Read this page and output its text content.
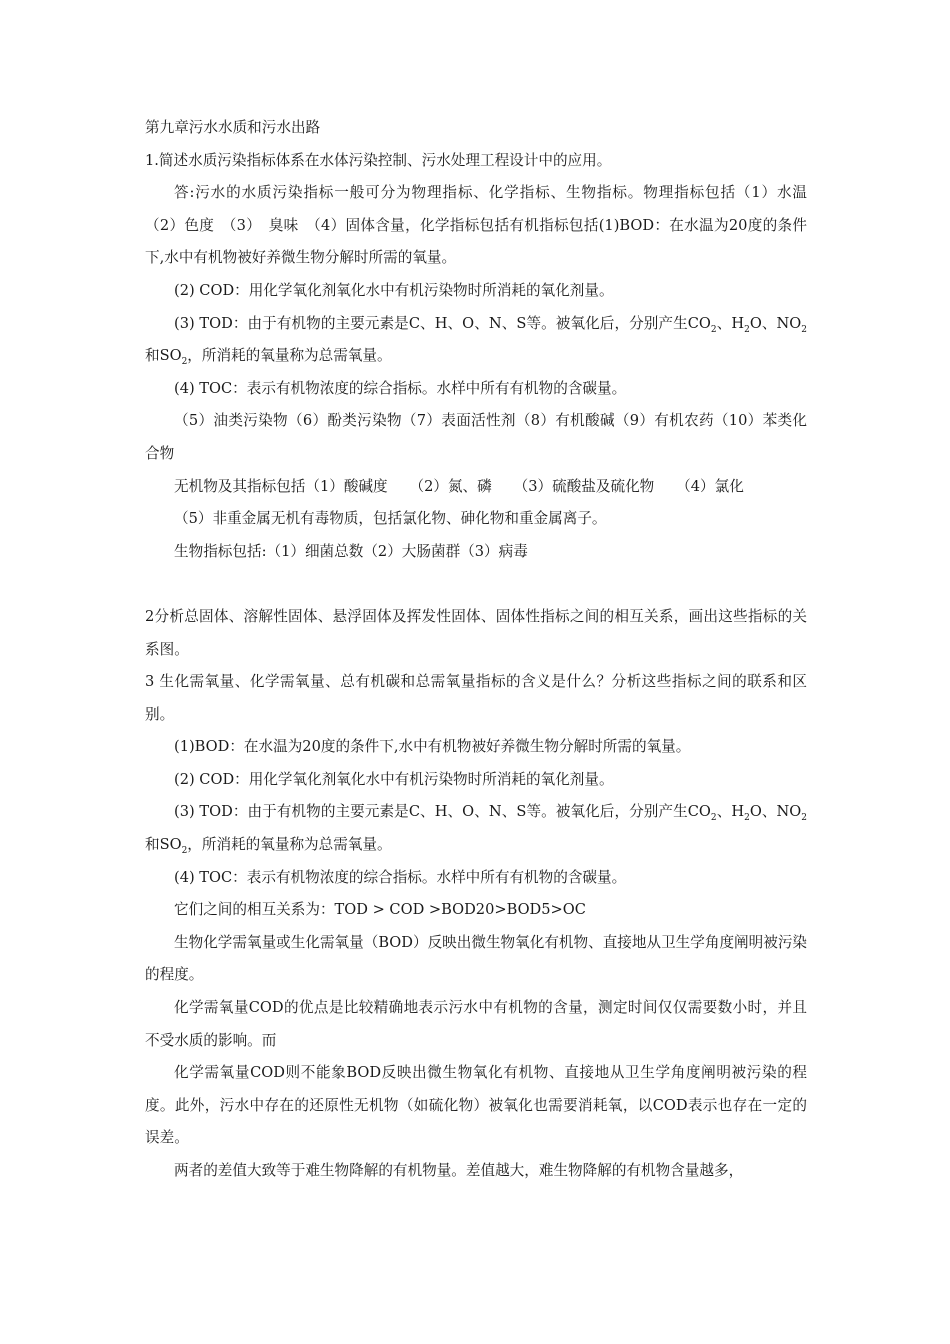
第九章污水水质和污水出路

1.简述水质污染指标体系在水体污染控制、污水处理工程设计中的应用。

答:污水的水质污染指标一般可分为物理指标、化学指标、生物指标。物理指标包括（1）水温　（2）色度　（3）　臭味　（4）固体含量，化学指标包括有机指标包括(1)BOD：在水温为20度的条件下,水中有机物被好养微生物分解时所需的氧量。

(2) COD：用化学氧化剂氧化水中有机污染物时所消耗的氧化剂量。

(3) TOD：由于有机物的主要元素是C、H、O、N、S等。被氧化后，分别产生$CO_2$、$H_2O$、$NO_2$和$SO_2$，所消耗的氧量称为总需氧量。

(4) TOC：表示有机物浓度的综合指标。水样中所有有机物的含碳量。

（5）油类污染物（6）酚类污染物（7）表面活性剂（8）有机酸碱（9）有机农药（10）苯类化合物

无机物及其指标包括（1）酸碱度　　（2）氮、磷　　（3）硫酸盐及硫化物　　（4）氯化

（5）非重金属无机有毒物质，包括氯化物、砷化物和重金属离子。

生物指标包括:（1）细菌总数（2）大肠菌群（3）病毒

2分析总固体、溶解性固体、悬浮固体及挥发性固体、固体性指标之间的相互关系，画出这些指标的关系图。

3 生化需氧量、化学需氧量、总有机碳和总需氧量指标的含义是什么？分析这些指标之间的联系和区别。

(1)BOD：在水温为20度的条件下,水中有机物被好养微生物分解时所需的氧量。

(2) COD：用化学氧化剂氧化水中有机污染物时所消耗的氧化剂量。

(3) TOD：由于有机物的主要元素是C、H、O、N、S等。被氧化后，分别产生$CO_2$、$H_2O$、$NO_2$和$SO_2$，所消耗的氧量称为总需氧量。

(4) TOC：表示有机物浓度的综合指标。水样中所有有机物的含碳量。

它们之间的相互关系为：TOD > COD >BOD20>BOD5>OC

生物化学需氧量或生化需氧量（BOD）反映出微生物氧化有机物、直接地从卫生学角度阐明被污染的程度。

化学需氧量COD的优点是比较精确地表示污水中有机物的含量，测定时间仅仅需要数小时，并且不受水质的影响。而

化学需氧量COD则不能象BOD反映出微生物氧化有机物、直接地从卫生学角度阐明被污染的程度。此外，污水中存在的还原性无机物（如硫化物）被氧化也需要消耗氧，以COD表示也存在一定的误差。

两者的差值大致等于难生物降解的有机物量。差值越大，难生物降解的有机物含量越多，
